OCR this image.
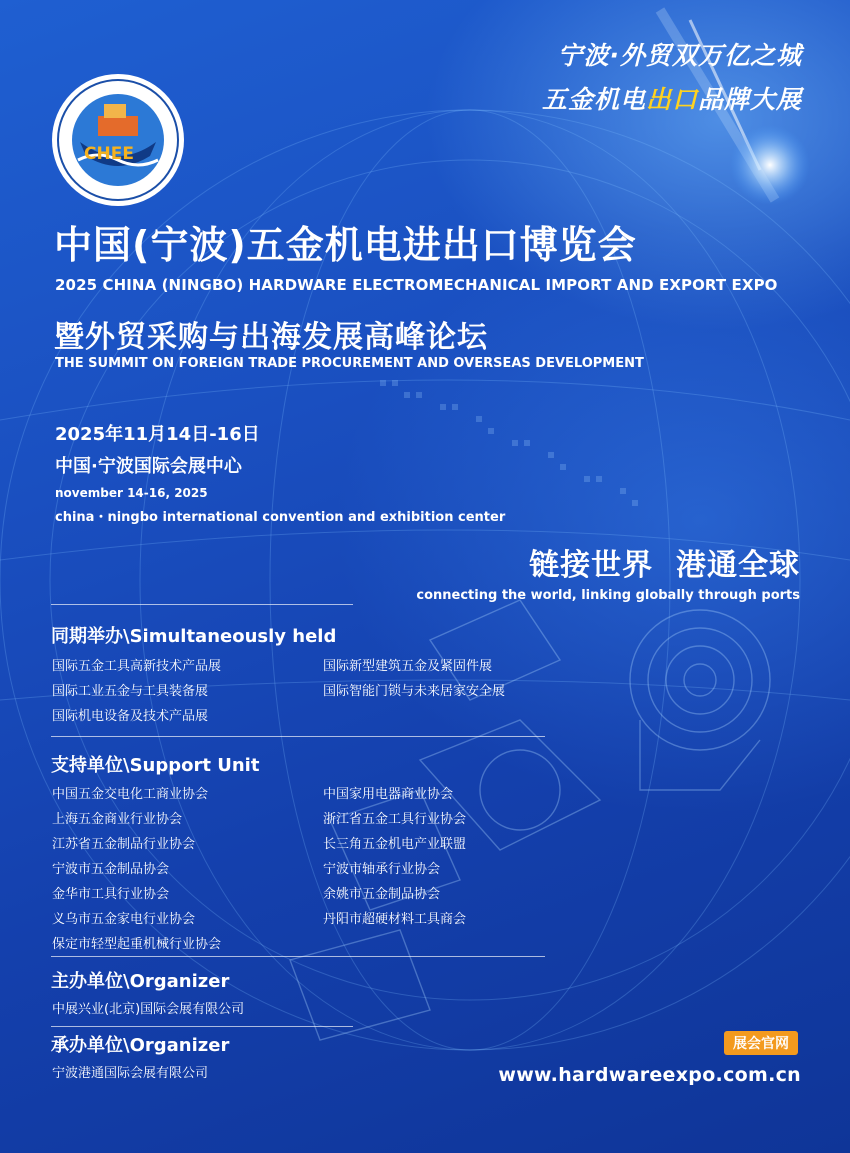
CHEE
宁波·外贸双万亿之城
五金机电出口品牌大展
中国(宁波)五金机电进出口博览会
2025 CHINA (NINGBO) HARDWARE ELECTROMECHANICAL IMPORT AND EXPORT EXPO
暨外贸采购与出海发展高峰论坛
THE SUMMIT ON FOREIGN TRADE PROCUREMENT AND OVERSEAS DEVELOPMENT
2025年11月14日-16日
中国·宁波国际会展中心
november 14-16, 2025
china・ningbo international convention and exhibition center
链接世界  港通全球
connecting the world, linking globally through ports
同期举办\Simultaneously held
国际五金工具高新技术产品展
国际工业五金与工具装备展
国际机电设备及技术产品展
国际新型建筑五金及紧固件展
国际智能门锁与未来居家安全展
支持单位\Support Unit
中国五金交电化工商业协会
上海五金商业行业协会
江苏省五金制品行业协会
宁波市五金制品协会
金华市工具行业协会
义乌市五金家电行业协会
保定市轻型起重机械行业协会
中国家用电器商业协会
浙江省五金工具行业协会
长三角五金机电产业联盟
宁波市轴承行业协会
余姚市五金制品协会
丹阳市超硬材料工具商会
主办单位\Organizer
中展兴业(北京)国际会展有限公司
承办单位\Organizer
宁波港通国际会展有限公司
展会官网
www.hardwareexpo.com.cn
